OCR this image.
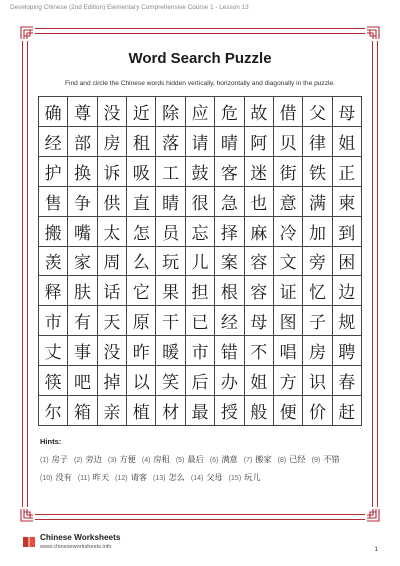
Developing Chinese (2nd Edition) Elementary Comprehensive Course 1 - Lesson 13
Word Search Puzzle
Find and circle the Chinese words hidden vertically, horizontally and diagonally in the puzzle.
确 尊 没 近 除 应 危 故 借 父 母
经 部 房 租 落 请 晴 阿 贝 律 姐
护 换 诉 吸 工 鼓 客 迷 街 铁 正
售 争 供 直 睛 很 急 也 意 满 柬
搬 嘴 太 怎 员 忘 择 麻 冷 加 到
羡 家 周 么 玩 儿 案 容 文 旁 困
释 肤 话 它 果 担 根 容 证 忆 边
市 有 天 原 干 已 经 母 图 子 规
丈 事 没 昨 暖 市 错 不 唱 房 聘
筷 吧 掉 以 笑 后 办 姐 方 识 春
尔 箱 亲 植 材 最 授 般 便 价 赶
Hints:
(1) 房子 (2) 旁边 (3) 方便 (4) 房租 (5) 最后 (6) 满意 (7) 搬家 (8) 已经 (9) 不错(10) 没有 (11) 昨天 (12) 请客 (13) 怎么 (14) 父母 (15) 玩儿
Chinese Worksheets
www.chineseworksheets.info	1
